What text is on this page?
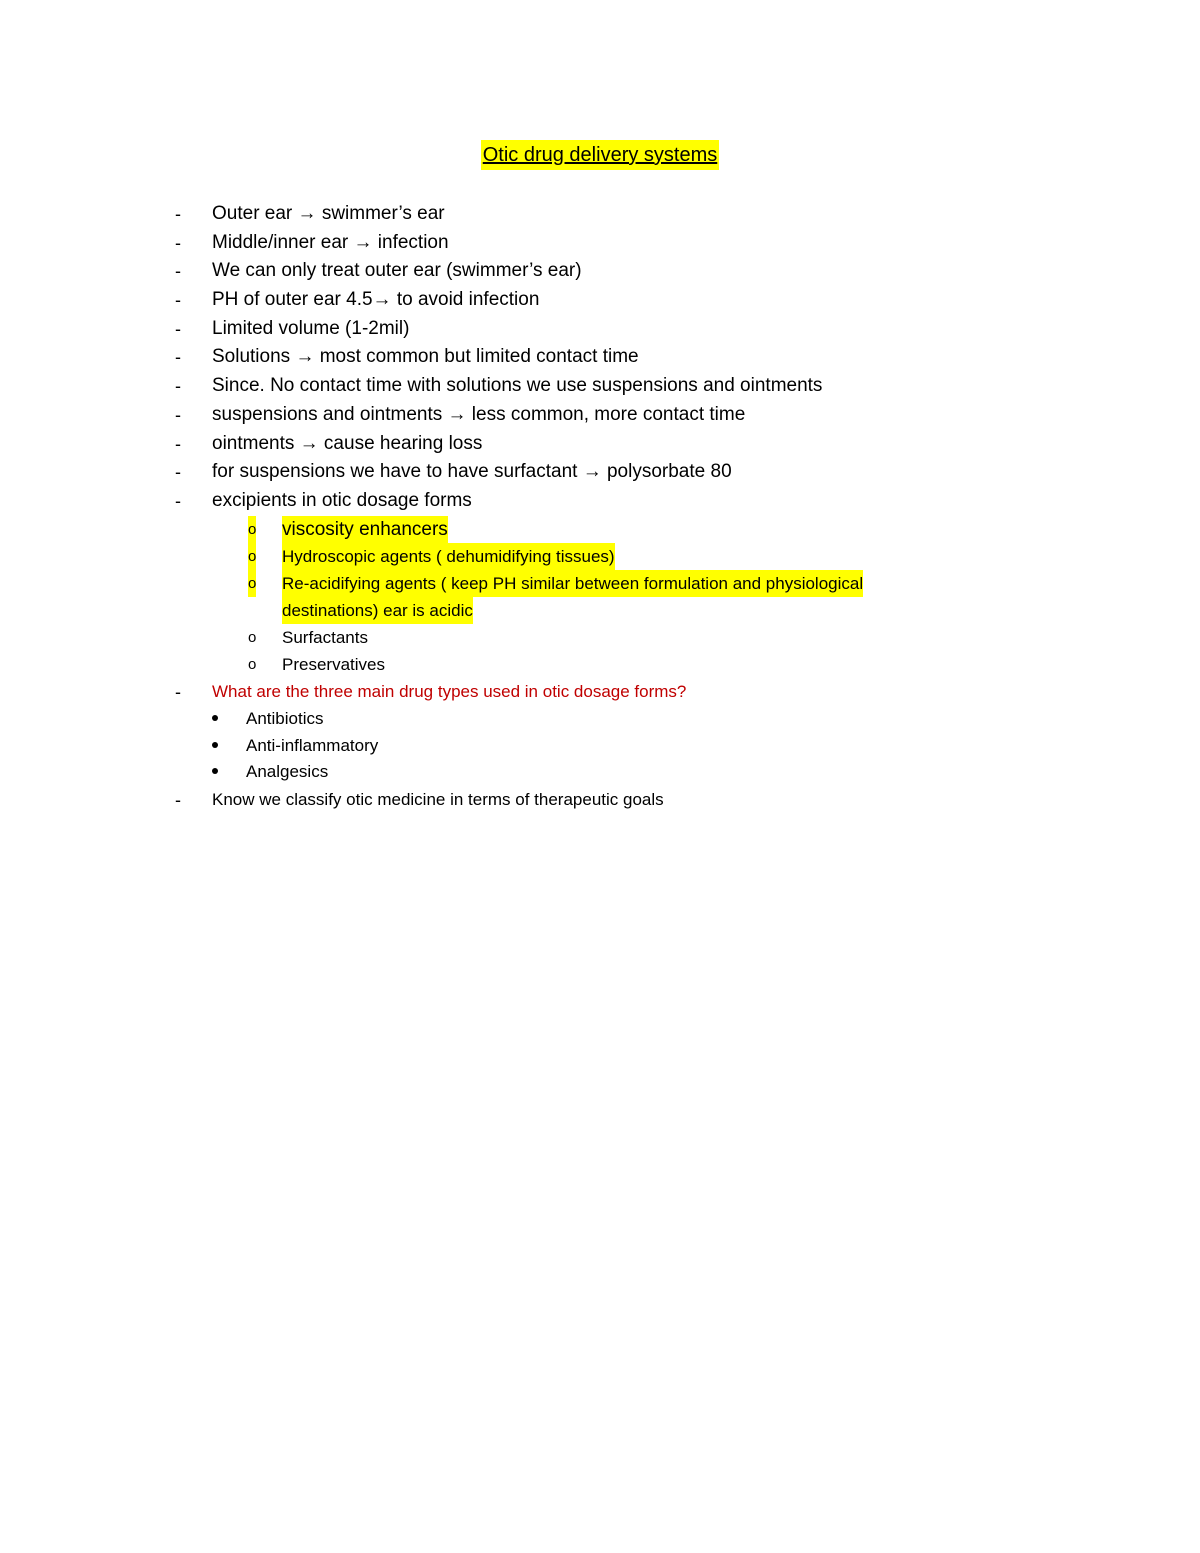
Otic drug delivery systems
- Outer ear → swimmer’s ear
- Middle/inner ear → infection
- We can only treat outer ear (swimmer’s ear)
- PH of outer ear 4.5→ to avoid infection
- Limited volume (1-2mil)
- Solutions → most common but limited contact time
- Since. No contact time with solutions we use suspensions and ointments
- suspensions and ointments → less common, more contact time
- ointments → cause hearing loss
- for suspensions we have to have surfactant → polysorbate 80
- excipients in otic dosage forms
o viscosity enhancers
o Hydroscopic agents ( dehumidifying tissues)
o Re-acidifying agents ( keep PH similar between formulation and physiological
destinations) ear is acidic
o Surfactants
o Preservatives
- What are the three main drug types used in otic dosage forms?
Antibiotics
Anti-inflammatory
Analgesics
- Know we classify otic medicine in terms of therapeutic goals
